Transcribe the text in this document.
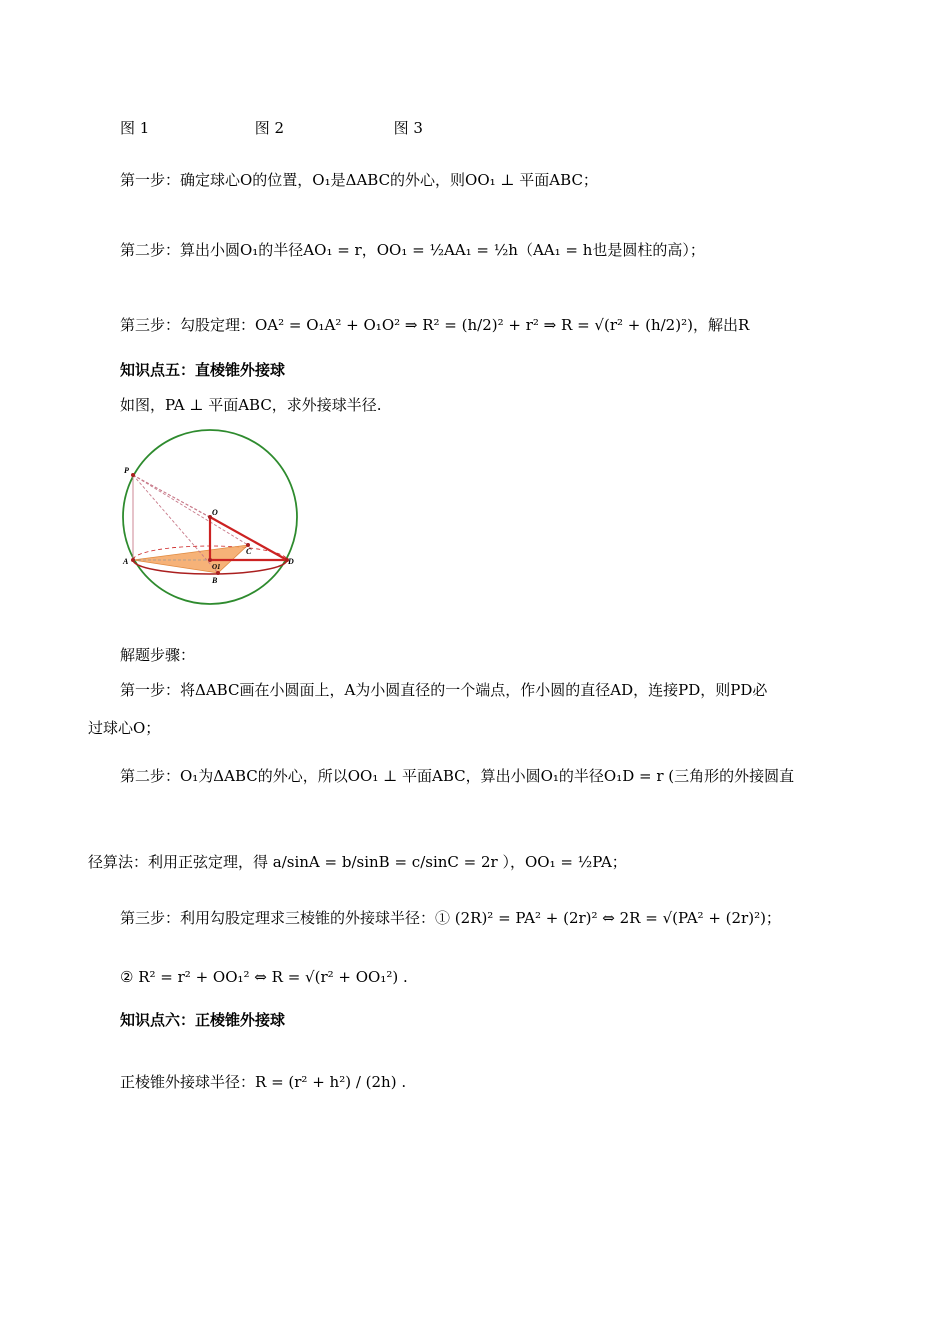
图 1	图 2	图 3
第一步：确定球心O的位置，O₁是ΔABC的外心，则OO₁ ⊥ 平面ABC；
第二步：算出小圆O₁的半径AO₁ = r，OO₁ = ½AA₁ = ½h（AA₁ = h也是圆柱的高）；
第三步：勾股定理：OA² = O₁A² + O₁O² ⇒ R² = (h/2)² + r² ⇒ R = √(r² + (h/2)²)，解出R
知识点五：直棱锥外接球
如图，PA ⊥ 平面ABC，求外接球半径.
P
O
C
A
O1
D
B
解题步骤：
第一步：将ΔABC画在小圆面上，A为小圆直径的一个端点，作小圆的直径AD，连接PD，则PD必
过球心O；
第二步：O₁为ΔABC的外心，所以OO₁ ⊥ 平面ABC，算出小圆O₁的半径O₁D = r (三角形的外接圆直
径算法：利用正弦定理，得 a/sinA = b/sinB = c/sinC = 2r ），OO₁ = ½PA；
第三步：利用勾股定理求三棱锥的外接球半径：① (2R)² = PA² + (2r)² ⇔ 2R = √(PA² + (2r)²)；
② R² = r² + OO₁² ⇔ R = √(r² + OO₁²) .
知识点六：正棱锥外接球
正棱锥外接球半径：R = (r² + h²) / (2h) .
